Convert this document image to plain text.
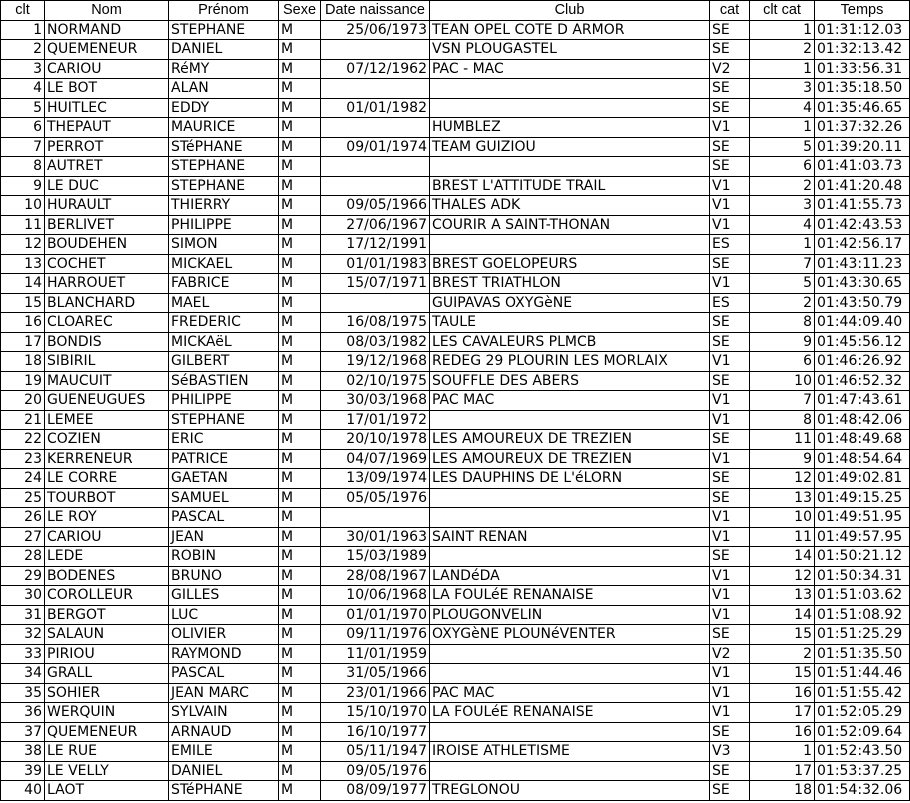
clt	Nom	Prénom	Sexe	Date naissance	Club	cat	clt cat	Temps
1	NORMAND	STEPHANE	M	25/06/1973	TEAN OPEL COTE D ARMOR	SE	1	01:31:12.03
2	QUEMENEUR	DANIEL	M		VSN PLOUGASTEL	SE	2	01:32:13.42
3	CARIOU	RéMY	M	07/12/1962	PAC - MAC	V2	1	01:33:56.31
4	LE BOT	ALAN	M			SE	3	01:35:18.50
5	HUITLEC	EDDY	M	01/01/1982		SE	4	01:35:46.65
6	THEPAUT	MAURICE	M		HUMBLEZ	V1	1	01:37:32.26
7	PERROT	STéPHANE	M	09/01/1974	TEAM GUIZIOU	SE	5	01:39:20.11
8	AUTRET	STEPHANE	M			SE	6	01:41:03.73
9	LE DUC	STEPHANE	M		BREST L'ATTITUDE TRAIL	V1	2	01:41:20.48
10	HURAULT	THIERRY	M	09/05/1966	THALES ADK	V1	3	01:41:55.73
11	BERLIVET	PHILIPPE	M	27/06/1967	COURIR A SAINT-THONAN	V1	4	01:42:43.53
12	BOUDEHEN	SIMON	M	17/12/1991		ES	1	01:42:56.17
13	COCHET	MICKAEL	M	01/01/1983	BREST GOELOPEURS	SE	7	01:43:11.23
14	HARROUET	FABRICE	M	15/07/1971	BREST TRIATHLON	V1	5	01:43:30.65
15	BLANCHARD	MAEL	M		GUIPAVAS OXYGèNE	ES	2	01:43:50.79
16	CLOAREC	FREDERIC	M	16/08/1975	TAULE	SE	8	01:44:09.40
17	BONDIS	MICKAëL	M	08/03/1982	LES CAVALEURS PLMCB	SE	9	01:45:56.12
18	SIBIRIL	GILBERT	M	19/12/1968	REDEG 29 PLOURIN LES MORLAIX	V1	6	01:46:26.92
19	MAUCUIT	SéBASTIEN	M	02/10/1975	SOUFFLE DES ABERS	SE	10	01:46:52.32
20	GUENEUGUES	PHILIPPE	M	30/03/1968	PAC MAC	V1	7	01:47:43.61
21	LEMEE	STEPHANE	M	17/01/1972		V1	8	01:48:42.06
22	COZIEN	ERIC	M	20/10/1978	LES AMOUREUX DE TREZIEN	SE	11	01:48:49.68
23	KERRENEUR	PATRICE	M	04/07/1969	LES AMOUREUX DE TREZIEN	V1	9	01:48:54.64
24	LE CORRE	GAETAN	M	13/09/1974	LES DAUPHINS DE L'éLORN	SE	12	01:49:02.81
25	TOURBOT	SAMUEL	M	05/05/1976		SE	13	01:49:15.25
26	LE ROY	PASCAL	M			V1	10	01:49:51.95
27	CARIOU	JEAN	M	30/01/1963	SAINT RENAN	V1	11	01:49:57.95
28	LEDE	ROBIN	M	15/03/1989		SE	14	01:50:21.12
29	BODENES	BRUNO	M	28/08/1967	LANDéDA	V1	12	01:50:34.31
30	COROLLEUR	GILLES	M	10/06/1968	LA FOULéE RENANAISE	V1	13	01:51:03.62
31	BERGOT	LUC	M	01/01/1970	PLOUGONVELIN	V1	14	01:51:08.92
32	SALAUN	OLIVIER	M	09/11/1976	OXYGèNE PLOUNéVENTER	SE	15	01:51:25.29
33	PIRIOU	RAYMOND	M	11/01/1959		V2	2	01:51:35.50
34	GRALL	PASCAL	M	31/05/1966		V1	15	01:51:44.46
35	SOHIER	JEAN MARC	M	23/01/1966	PAC MAC	V1	16	01:51:55.42
36	WERQUIN	SYLVAIN	M	15/10/1970	LA FOULéE RENANAISE	V1	17	01:52:05.29
37	QUEMENEUR	ARNAUD	M	16/10/1977		SE	16	01:52:09.64
38	LE RUE	EMILE	M	05/11/1947	IROISE ATHLETISME	V3	1	01:52:43.50
39	LE VELLY	DANIEL	M	09/05/1976		SE	17	01:53:37.25
40	LAOT	STéPHANE	M	08/09/1977	TREGLONOU	SE	18	01:54:32.06
